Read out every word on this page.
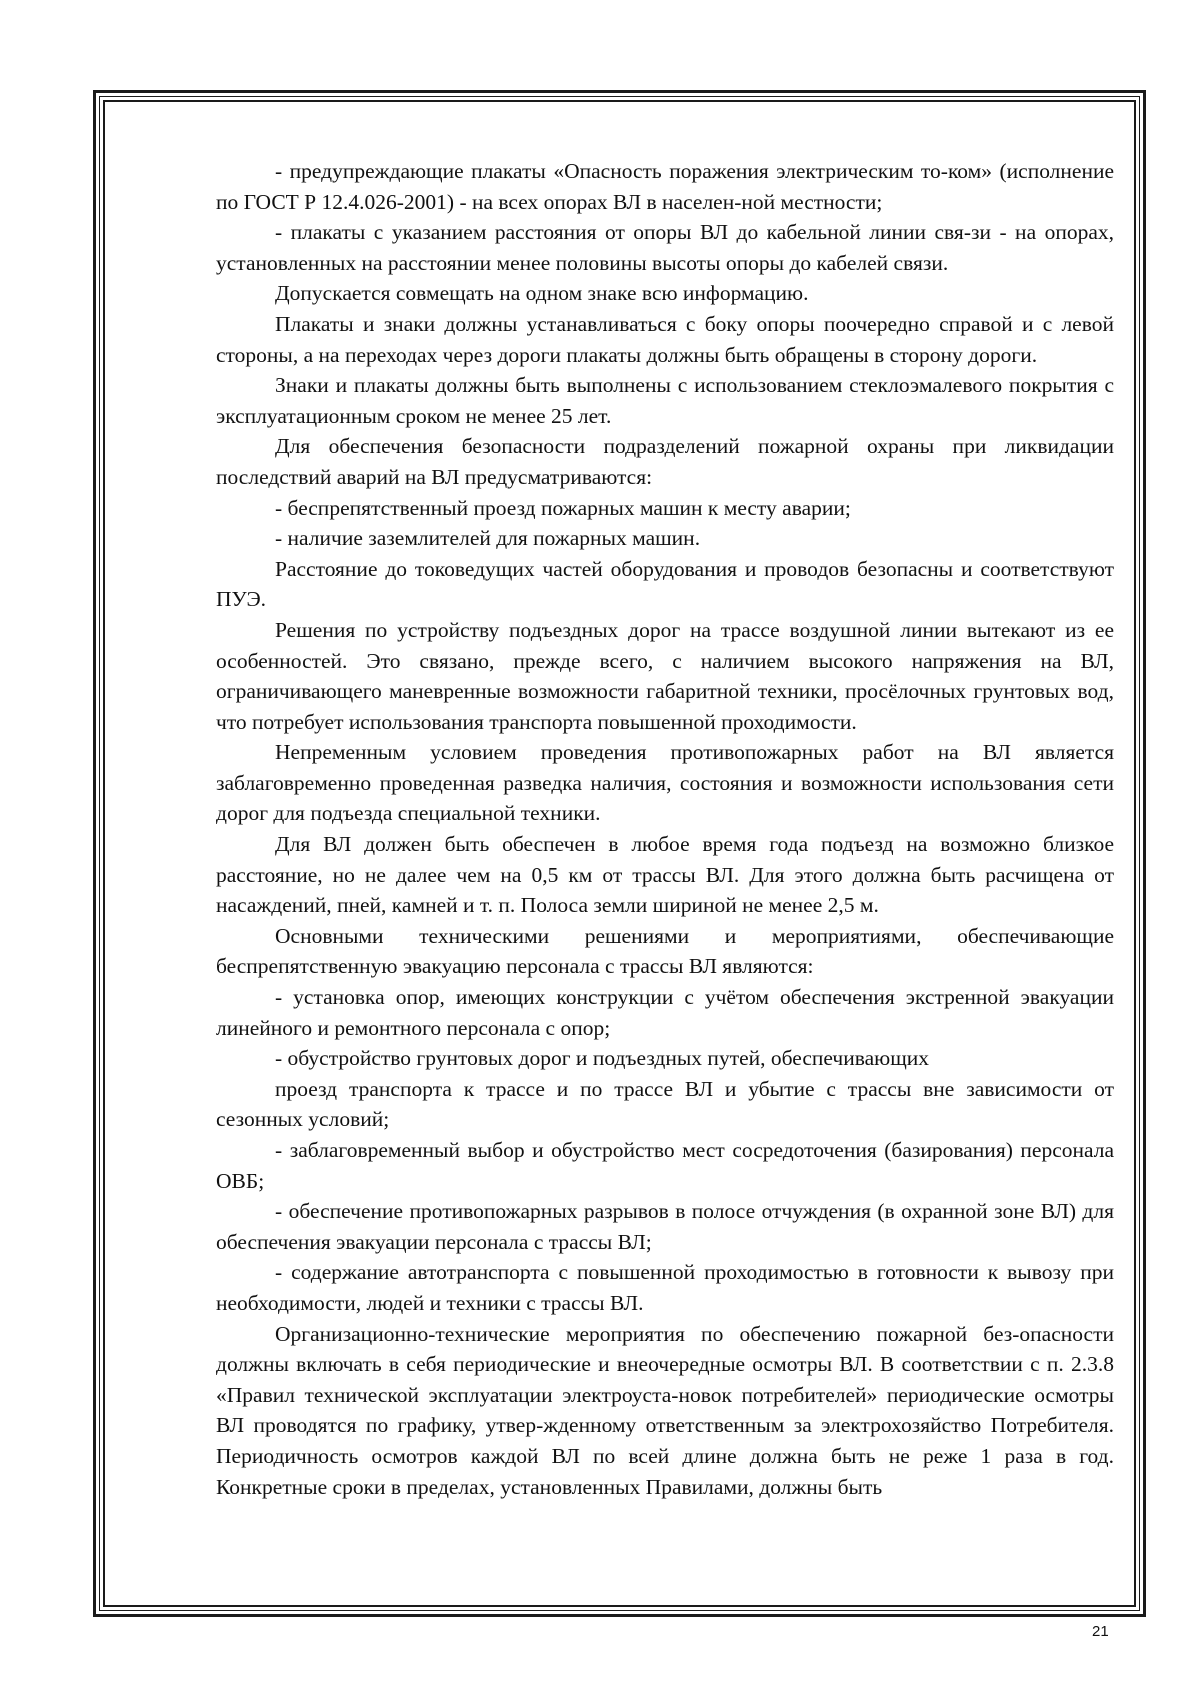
- предупреждающие плакаты «Опасность поражения электрическим то-ком» (исполнение по ГОСТ Р 12.4.026-2001) - на всех опорах ВЛ в населен-ной местности;

- плакаты с указанием расстояния от опоры ВЛ до кабельной линии свя-зи - на опорах, установленных на расстоянии менее половины высоты опоры до кабелей связи.

Допускается совмещать на одном знаке всю информацию.

Плакаты и знаки должны устанавливаться с боку опоры поочередно справой и с левой стороны, а на переходах через дороги плакаты должны быть обращены в сторону дороги.

Знаки и плакаты должны быть выполнены с использованием стеклоэмалевого покрытия с эксплуатационным сроком не менее 25 лет.

Для обеспечения безопасности подразделений пожарной охраны при ликвидации последствий аварий на ВЛ предусматриваются:

- беспрепятственный проезд пожарных машин к месту аварии;

- наличие заземлителей для пожарных машин.

Расстояние до токоведущих частей оборудования и проводов безопасны и соответствуют ПУЭ.

Решения по устройству подъездных дорог на трассе воздушной линии вытекают из ее особенностей. Это связано, прежде всего, с наличием высокого напряжения на ВЛ, ограничивающего маневренные возможности габаритной техники, просёлочных грунтовых вод, что потребует использования транспорта повышенной проходимости.

Непременным условием проведения противопожарных работ на ВЛ является заблаговременно проведенная разведка наличия, состояния и возможности использования сети дорог для подъезда специальной техники.

Для ВЛ должен быть обеспечен в любое время года подъезд на возможно близкое расстояние, но не далее чем на 0,5 км от трассы ВЛ. Для этого должна быть расчищена от насаждений, пней, камней и т. п. Полоса земли шириной не менее 2,5 м.

Основными техническими решениями и мероприятиями, обеспечивающие беспрепятственную эвакуацию персонала с трассы ВЛ являются:

- установка опор, имеющих конструкции с учётом обеспечения экстренной эвакуации линейного и ремонтного персонала с опор;

- обустройство грунтовых дорог и подъездных путей, обеспечивающих

проезд транспорта к трассе и по трассе ВЛ и убытие с трассы вне зависимости от сезонных условий;

- заблаговременный выбор и обустройство мест сосредоточения (базирования) персонала ОВБ;

- обеспечение противопожарных разрывов в полосе отчуждения (в охранной зоне ВЛ) для обеспечения эвакуации персонала с трассы ВЛ;

- содержание автотранспорта с повышенной проходимостью в готовности к вывозу при необходимости, людей и техники с трассы ВЛ.

Организационно-технические мероприятия по обеспечению пожарной без-опасности должны включать в себя периодические и внеочередные осмотры ВЛ. В соответствии с п. 2.3.8 «Правил технической эксплуатации электроуста-новок потребителей» периодические осмотры ВЛ проводятся по графику, утвер-жденному ответственным за электрохозяйство Потребителя. Периодичность осмотров каждой ВЛ по всей длине должна быть не реже 1 раза в год. Конкретные сроки в пределах, установленных Правилами, должны быть

21
